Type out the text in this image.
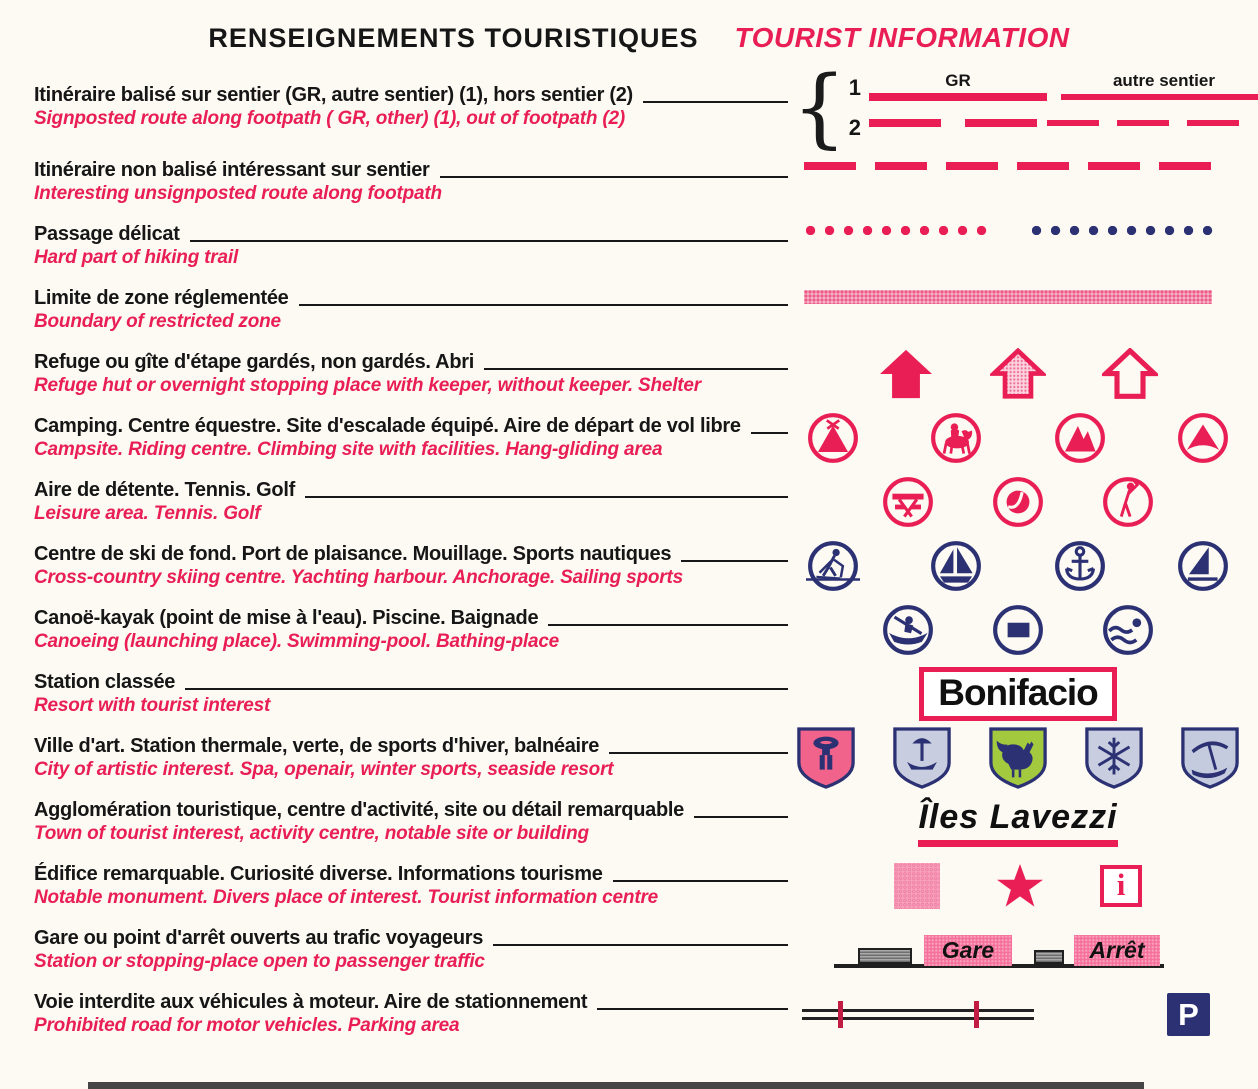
RENSEIGNEMENTS TOURISTIQUES TOURIST INFORMATION
Itinéraire balisé sur sentier (GR, autre sentier) (1), hors sentier (2)
Signposted route along footpath ( GR, other) (1), out of footpath (2)	{ 1
2
GR	autre sentier
Itinéraire non balisé intéressant sur sentier
Interesting unsignposted route along footpath
Passage délicat
Hard part of hiking trail
Limite de zone réglementée
Boundary of restricted zone
Refuge ou gîte d'étape gardés, non gardés. Abri
Refuge hut or overnight stopping place with keeper, without keeper. Shelter
Camping. Centre équestre. Site d'escalade équipé. Aire de départ de vol libre
Campsite. Riding centre. Climbing site with facilities. Hang-gliding area
Aire de détente. Tennis. Golf
Leisure area. Tennis. Golf
Centre de ski de fond. Port de plaisance. Mouillage. Sports nautiques
Cross-country skiing centre. Yachting harbour. Anchorage. Sailing sports
Canoë-kayak (point de mise à l'eau). Piscine. Baignade
Canoeing (launching place). Swimming-pool. Bathing-place
Station classée
Resort with tourist interest	Bonifacio
Ville d'art. Station thermale, verte, de sports d'hiver, balnéaire
City of artistic interest. Spa, openair, winter sports, seaside resort
Agglomération touristique, centre d'activité, site ou détail remarquable
Town of tourist interest, activity centre, notable site or building	Îles Lavezzi
Édifice remarquable. Curiosité diverse. Informations tourisme
Notable monument. Divers place of interest. Tourist information centre	i
Gare ou point d'arrêt ouverts au trafic voyageurs
Station or stopping-place open to passenger traffic	Gare	Arrêt
Voie interdite aux véhicules à moteur. Aire de stationnement
Prohibited road for motor vehicles. Parking area	P
